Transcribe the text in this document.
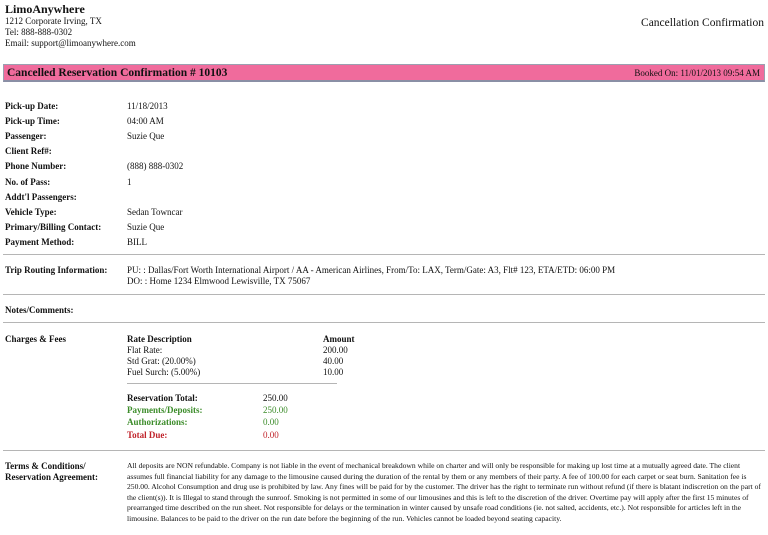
LimoAnywhere
1212 Corporate Irving, TX
Tel: 888-888-0302
Email: support@limoanywhere.com
Cancellation Confirmation
Cancelled Reservation Confirmation # 10103	Booked On: 11/01/2013 09:54 AM
Pick-up Date:	11/18/2013
Pick-up Time:	04:00 AM
Passenger:	Suzie Que
Client Ref#:
Phone Number:	(888) 888-0302
No. of Pass:	1
Addt'l Passengers:
Vehicle Type:	Sedan Towncar
Primary/Billing Contact:	Suzie Que
Payment Method:	BILL
Trip Routing Information:	PU: : Dallas/Fort Worth International Airport / AA - American Airlines, From/To: LAX, Term/Gate: A3, Flt# 123, ETA/ETD: 06:00 PM
DO: : Home 1234 Elmwood Lewisville, TX 75067
Notes/Comments:
Charges & Fees	Rate Description	Amount
Flat Rate:	200.00
Std Grat: (20.00%)	40.00
Fuel Surch: (5.00%)	10.00
Reservation Total:	250.00
Payments/Deposits:	250.00
Authorizations:	0.00
Total Due:	0.00
Terms & Conditions/
Reservation Agreement:
All deposits are NON refundable. Company is not liable in the event of mechanical breakdown while on charter and will only be responsible for making up lost time at a mutually agreed date. The client assumes full financial liability for any damage to the limousine caused during the duration of the rental by them or any members of their party. A fee of 100.00 for each carpet or seat burn. Sanitation fee is 250.00. Alcohol Consumption and drug use is prohibited by law. Any fines will be paid for by the customer. The driver has the right to terminate run without refund (if there is blatant indiscretion on the part of the client(s)). It is Illegal to stand through the sunroof. Smoking is not permitted in some of our limousines and this is left to the discretion of the driver. Overtime pay will apply after the first 15 minutes of prearranged time described on the run sheet. Not responsible for delays or the termination in winter caused by unsafe road conditions (ie. not salted, accidents, etc.). Not responsible for articles left in the limousine. Balances to be paid to the driver on the run date before the beginning of the run. Vehicles cannot be loaded beyond seating capacity.
